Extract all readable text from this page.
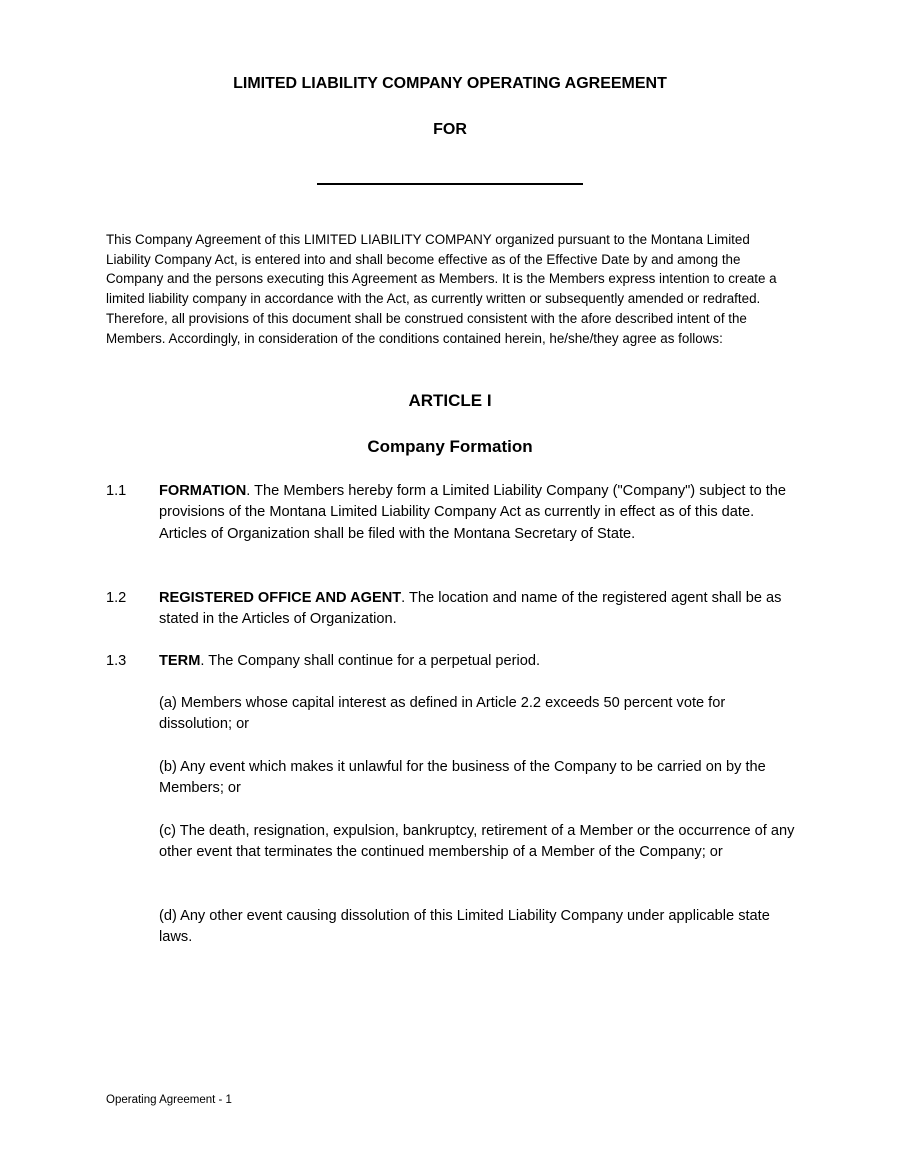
LIMITED LIABILITY COMPANY OPERATING AGREEMENT
FOR
This Company Agreement of this LIMITED LIABILITY COMPANY organized pursuant to the Montana Limited Liability Company Act, is entered into and shall become effective as of the Effective Date by and among the Company and the persons executing this Agreement as Members. It is the Members express intention to create a limited liability company in accordance with the Act, as currently written or subsequently amended or redrafted. Therefore, all provisions of this document shall be construed consistent with the afore described intent of the Members. Accordingly, in consideration of the conditions contained herein, he/she/they agree as follows:
ARTICLE I
Company Formation
1.1 FORMATION. The Members hereby form a Limited Liability Company ("Company") subject to the provisions of the Montana Limited Liability Company Act as currently in effect as of this date. Articles of Organization shall be filed with the Montana Secretary of State.
1.2 REGISTERED OFFICE AND AGENT. The location and name of the registered agent shall be as stated in the Articles of Organization.
1.3 TERM. The Company shall continue for a perpetual period.
(a) Members whose capital interest as defined in Article 2.2 exceeds 50 percent vote for dissolution; or
(b) Any event which makes it unlawful for the business of the Company to be carried on by the Members; or
(c) The death, resignation, expulsion, bankruptcy, retirement of a Member or the occurrence of any other event that terminates the continued membership of a Member of the Company; or
(d) Any other event causing dissolution of this Limited Liability Company under applicable state laws.
Operating Agreement - 1
